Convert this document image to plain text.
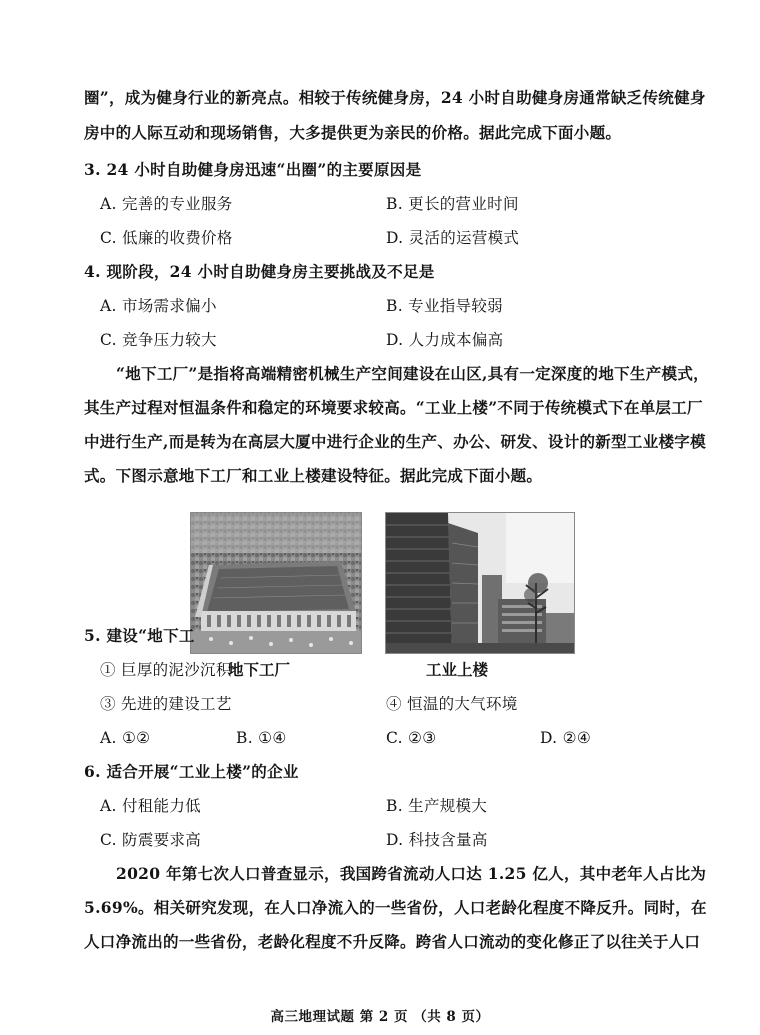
圈”，成为健身行业的新亮点。相较于传统健身房，24 小时自助健身房通常缺乏传统健身
房中的人际互动和现场销售，大多提供更为亲民的价格。据此完成下面小题。
3. 24 小时自助健身房迅速“出圈”的主要原因是
A. 完善的专业服务	B. 更长的营业时间
C. 低廉的收费价格	D. 灵活的运营模式
4. 现阶段，24 小时自助健身房主要挑战及不足是
A. 市场需求偏小	B. 专业指导较弱
C. 竞争压力较大	D. 人力成本偏高
“地下工厂”是指将高端精密机械生产空间建设在山区,具有一定深度的地下生产模式，
其生产过程对恒温条件和稳定的环境要求较高。“工业上楼”不同于传统模式下在单层工厂
中进行生产,而是转为在高层大厦中进行企业的生产、办公、研发、设计的新型工业楼字模
式。下图示意地下工厂和工业上楼建设特征。据此完成下面小题。
5. 建设“地下工
① 巨厚的泥沙沉积
地下工厂	工业上楼
③ 先进的建设工艺	④ 恒温的大气环境
A. ①②	B. ①④	C. ②③	D. ②④
6. 适合开展“工业上楼”的企业
A. 付租能力低	B. 生产规模大
C. 防震要求高	D. 科技含量高
2020 年第七次人口普查显示，我国跨省流动人口达 1.25 亿人，其中老年人占比为
5.69%。相关研究发现，在人口净流入的一些省份，人口老龄化程度不降反升。同时，在
人口净流出的一些省份，老龄化程度不升反降。跨省人口流动的变化修正了以往关于人口
高三地理试题 第 2 页 （共 8 页）
